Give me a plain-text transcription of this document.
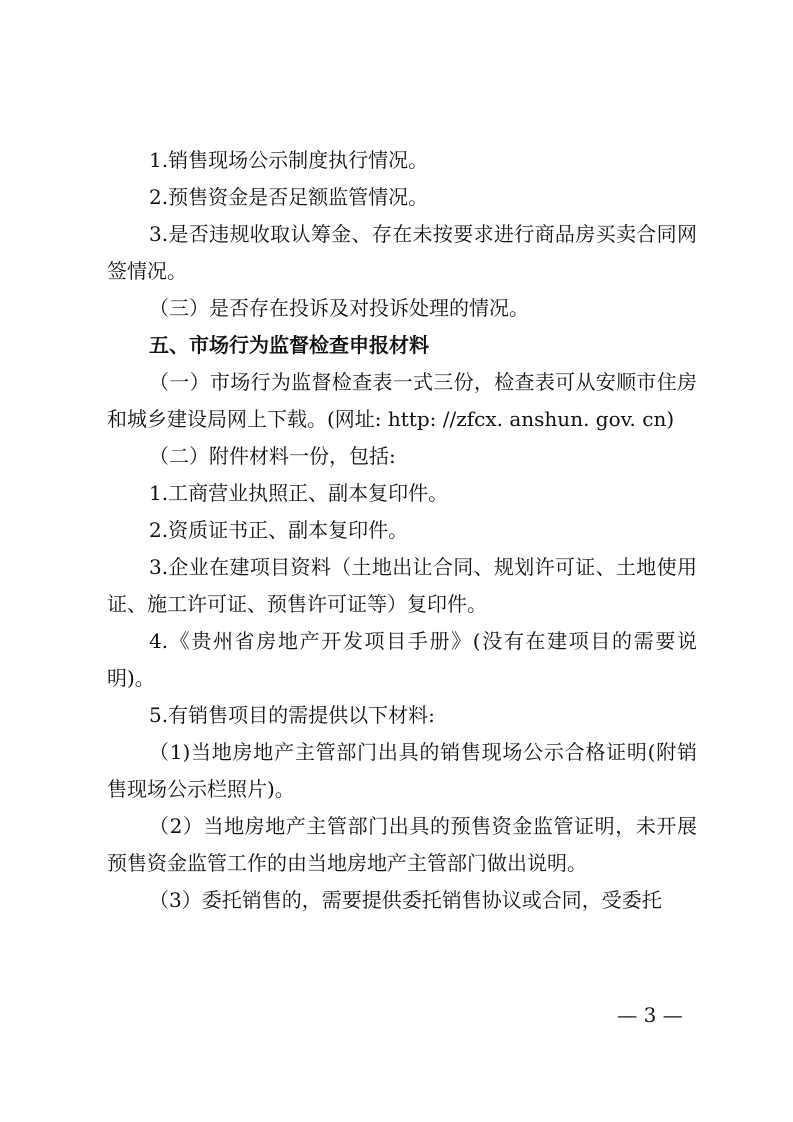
1.销售现场公示制度执行情况。

2.预售资金是否足额监管情况。

3.是否违规收取认筹金、存在未按要求进行商品房买卖合同网签情况。

（三）是否存在投诉及对投诉处理的情况。

五、市场行为监督检查申报材料

（一）市场行为监督检查表一式三份，检查表可从安顺市住房和城乡建设局网上下载。(网址: http: //zfcx. anshun. gov. cn)

（二）附件材料一份，包括:

1.工商营业执照正、副本复印件。

2.资质证书正、副本复印件。

3.企业在建项目资料（土地出让合同、规划许可证、土地使用证、施工许可证、预售许可证等）复印件。

4.《贵州省房地产开发项目手册》(没有在建项目的需要说明)。

5.有销售项目的需提供以下材料:

（1)当地房地产主管部门出具的销售现场公示合格证明(附销售现场公示栏照片)。

（2）当地房地产主管部门出具的预售资金监管证明，未开展预售资金监管工作的由当地房地产主管部门做出说明。

（3）委托销售的，需要提供委托销售协议或合同，受委托

— 3 —
